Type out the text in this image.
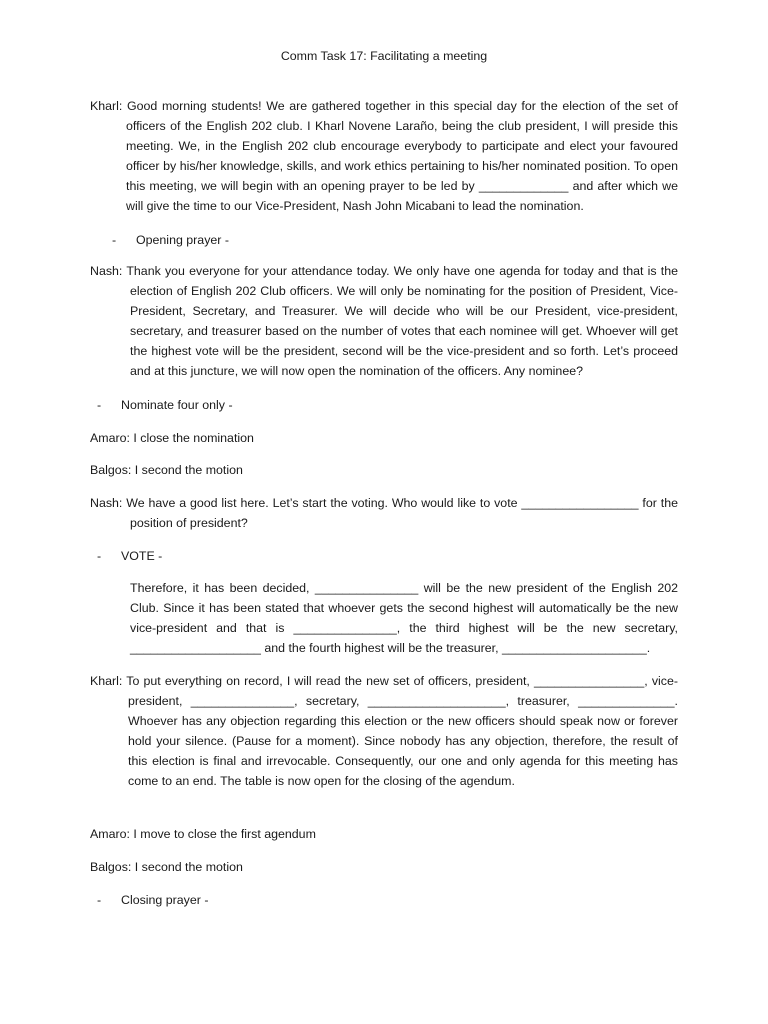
Comm Task 17: Facilitating a meeting
Kharl: Good morning students! We are gathered together in this special day for the election of the set of officers of the English 202 club. I Kharl Novene Laraño, being the club president, I will preside this meeting. We, in the English 202 club encourage everybody to participate and elect your favoured officer by his/her knowledge, skills, and work ethics pertaining to his/her nominated position. To open this meeting, we will begin with an opening prayer to be led by _____________ and after which we will give the time to our Vice-President, Nash John Micabani to lead the nomination.
- Opening prayer -
Nash: Thank you everyone for your attendance today. We only have one agenda for today and that is the election of English 202 Club officers. We will only be nominating for the position of President, Vice-President, Secretary, and Treasurer. We will decide who will be our President, vice-president, secretary, and treasurer based on the number of votes that each nominee will get. Whoever will get the highest vote will be the president, second will be the vice-president and so forth. Let’s proceed and at this juncture, we will now open the nomination of the officers. Any nominee?
- Nominate four only -
Amaro: I close the nomination
Balgos: I second the motion
Nash: We have a good list here. Let’s start the voting. Who would like to vote _________________ for the position of president?
- VOTE -
Therefore, it has been decided, _______________ will be the new president of the English 202 Club. Since it has been stated that whoever gets the second highest will automatically be the new vice-president and that is _______________, the third highest will be the new secretary, ___________________ and the fourth highest will be the treasurer, _____________________.
Kharl: To put everything on record, I will read the new set of officers, president, ________________, vice-president, _______________, secretary, ____________________, treasurer, ______________. Whoever has any objection regarding this election or the new officers should speak now or forever hold your silence. (Pause for a moment). Since nobody has any objection, therefore, the result of this election is final and irrevocable. Consequently, our one and only agenda for this meeting has come to an end. The table is now open for the closing of the agendum.
Amaro: I move to close the first agendum
Balgos: I second the motion
- Closing prayer -
